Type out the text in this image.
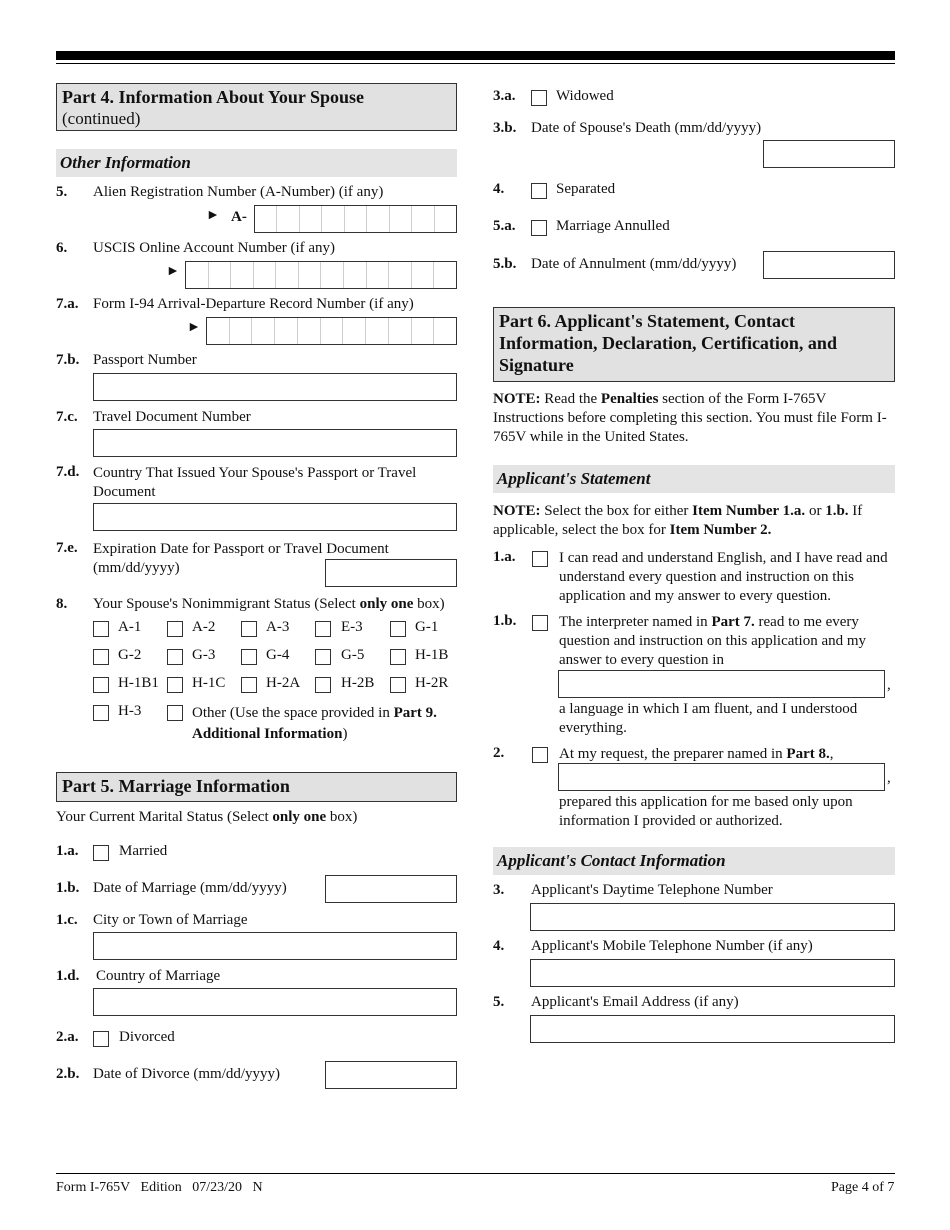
Part 4. Information About Your Spouse
(continued)
Other Information
5. Alien Registration Number (A-Number) (if any)
► A-
6. USCIS Online Account Number (if any)
►
7.a. Form I-94 Arrival-Departure Record Number (if any)
►
7.b. Passport Number
7.c. Travel Document Number
7.d. Country That Issued Your Spouse's Passport or Travel Document
7.e. Expiration Date for Passport or Travel Document (mm/dd/yyyy)
8. Your Spouse's Nonimmigrant Status (Select only one box)
A-1	A-2	A-3	E-3	G-1
G-2	G-3	G-4	G-5	H-1B
H-1B1 H-1C	H-2A	H-2B	H-2R
H-3	Other (Use the space provided in Part 9. Additional Information)
Part 5. Marriage Information
Your Current Marital Status (Select only one box)
1.a.	Married
1.b. Date of Marriage (mm/dd/yyyy)
1.c. City or Town of Marriage
1.d. Country of Marriage
2.a.	Divorced
2.b. Date of Divorce (mm/dd/yyyy)
3.a.	Widowed
3.b. Date of Spouse's Death (mm/dd/yyyy)
4.	Separated
5.a.	Marriage Annulled
5.b. Date of Annulment (mm/dd/yyyy)
Part 6. Applicant's Statement, Contact Information, Declaration, Certification, and Signature
NOTE: Read the Penalties section of the Form I-765V Instructions before completing this section. You must file Form I-765V while in the United States.
Applicant's Statement
NOTE: Select the box for either Item Number 1.a. or 1.b. If applicable, select the box for Item Number 2.
1.a.	I can read and understand English, and I have read and understand every question and instruction on this application and my answer to every question.
1.b.	The interpreter named in Part 7. read to me every question and instruction on this application and my answer to every question in
,
a language in which I am fluent, and I understood everything.
2.	At my request, the preparer named in Part 8.,
,
prepared this application for me based only upon information I provided or authorized.
Applicant's Contact Information
3. Applicant's Daytime Telephone Number
4. Applicant's Mobile Telephone Number (if any)
5. Applicant's Email Address (if any)
Form I-765V   Edition   07/23/20   N	Page 4 of 7
